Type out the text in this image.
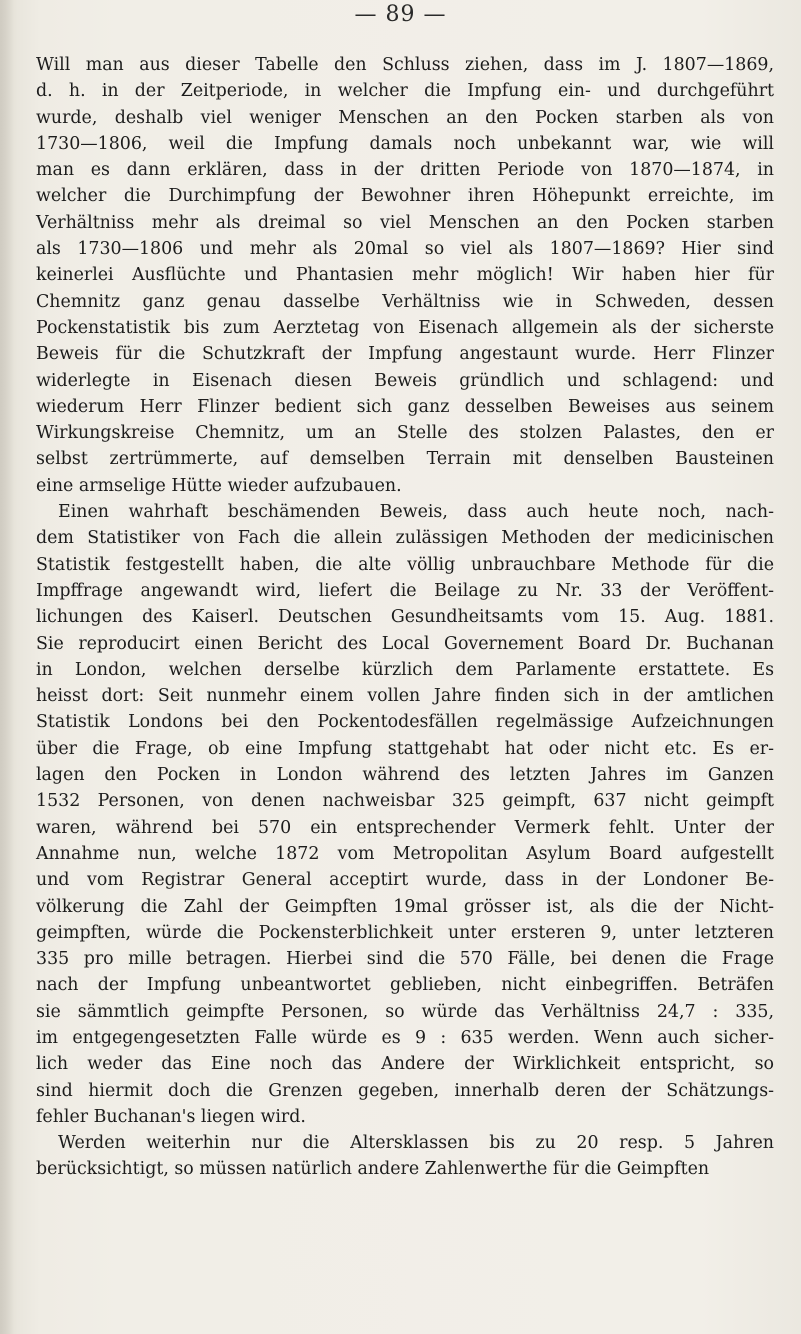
— 89 —
Will man aus dieser Tabelle den Schluss ziehen, dass im J. 1807—1869,
d. h. in der Zeitperiode, in welcher die Impfung ein- und durchgeführt
wurde, deshalb viel weniger Menschen an den Pocken starben als von
1730—1806, weil die Impfung damals noch unbekannt war, wie will
man es dann erklären, dass in der dritten Periode von 1870—1874, in
welcher die Durchimpfung der Bewohner ihren Höhepunkt erreichte, im
Verhältniss mehr als dreimal so viel Menschen an den Pocken starben
als 1730—1806 und mehr als 20mal so viel als 1807—1869? Hier sind
keinerlei Ausflüchte und Phantasien mehr möglich! Wir haben hier für
Chemnitz ganz genau dasselbe Verhältniss wie in Schweden, dessen
Pockenstatistik bis zum Aerztetag von Eisenach allgemein als der sicherste
Beweis für die Schutzkraft der Impfung angestaunt wurde. Herr Flinzer
widerlegte in Eisenach diesen Beweis gründlich und schlagend: und
wiederum Herr Flinzer bedient sich ganz desselben Beweises aus seinem
Wirkungskreise Chemnitz, um an Stelle des stolzen Palastes, den er
selbst zertrümmerte, auf demselben Terrain mit denselben Bausteinen
eine armselige Hütte wieder aufzubauen.
Einen wahrhaft beschämenden Beweis, dass auch heute noch, nach-
dem Statistiker von Fach die allein zulässigen Methoden der medicinischen
Statistik festgestellt haben, die alte völlig unbrauchbare Methode für die
Impffrage angewandt wird, liefert die Beilage zu Nr. 33 der Veröffent-
lichungen des Kaiserl. Deutschen Gesundheitsamts vom 15. Aug. 1881.
Sie reproducirt einen Bericht des Local Governement Board Dr. Buchanan
in London, welchen derselbe kürzlich dem Parlamente erstattete. Es
heisst dort: Seit nunmehr einem vollen Jahre finden sich in der amtlichen
Statistik Londons bei den Pockentodesfällen regelmässige Aufzeichnungen
über die Frage, ob eine Impfung stattgehabt hat oder nicht etc. Es er-
lagen den Pocken in London während des letzten Jahres im Ganzen
1532 Personen, von denen nachweisbar 325 geimpft, 637 nicht geimpft
waren, während bei 570 ein entsprechender Vermerk fehlt. Unter der
Annahme nun, welche 1872 vom Metropolitan Asylum Board aufgestellt
und vom Registrar General acceptirt wurde, dass in der Londoner Be-
völkerung die Zahl der Geimpften 19mal grösser ist, als die der Nicht-
geimpften, würde die Pockensterblichkeit unter ersteren 9, unter letzteren
335 pro mille betragen. Hierbei sind die 570 Fälle, bei denen die Frage
nach der Impfung unbeantwortet geblieben, nicht einbegriffen. Beträfen
sie sämmtlich geimpfte Personen, so würde das Verhältniss 24,7 : 335,
im entgegengesetzten Falle würde es 9 : 635 werden. Wenn auch sicher-
lich weder das Eine noch das Andere der Wirklichkeit entspricht, so
sind hiermit doch die Grenzen gegeben, innerhalb deren der Schätzungs-
fehler Buchanan's liegen wird.
Werden weiterhin nur die Altersklassen bis zu 20 resp. 5 Jahren
berücksichtigt, so müssen natürlich andere Zahlenwerthe für die Geimpften
